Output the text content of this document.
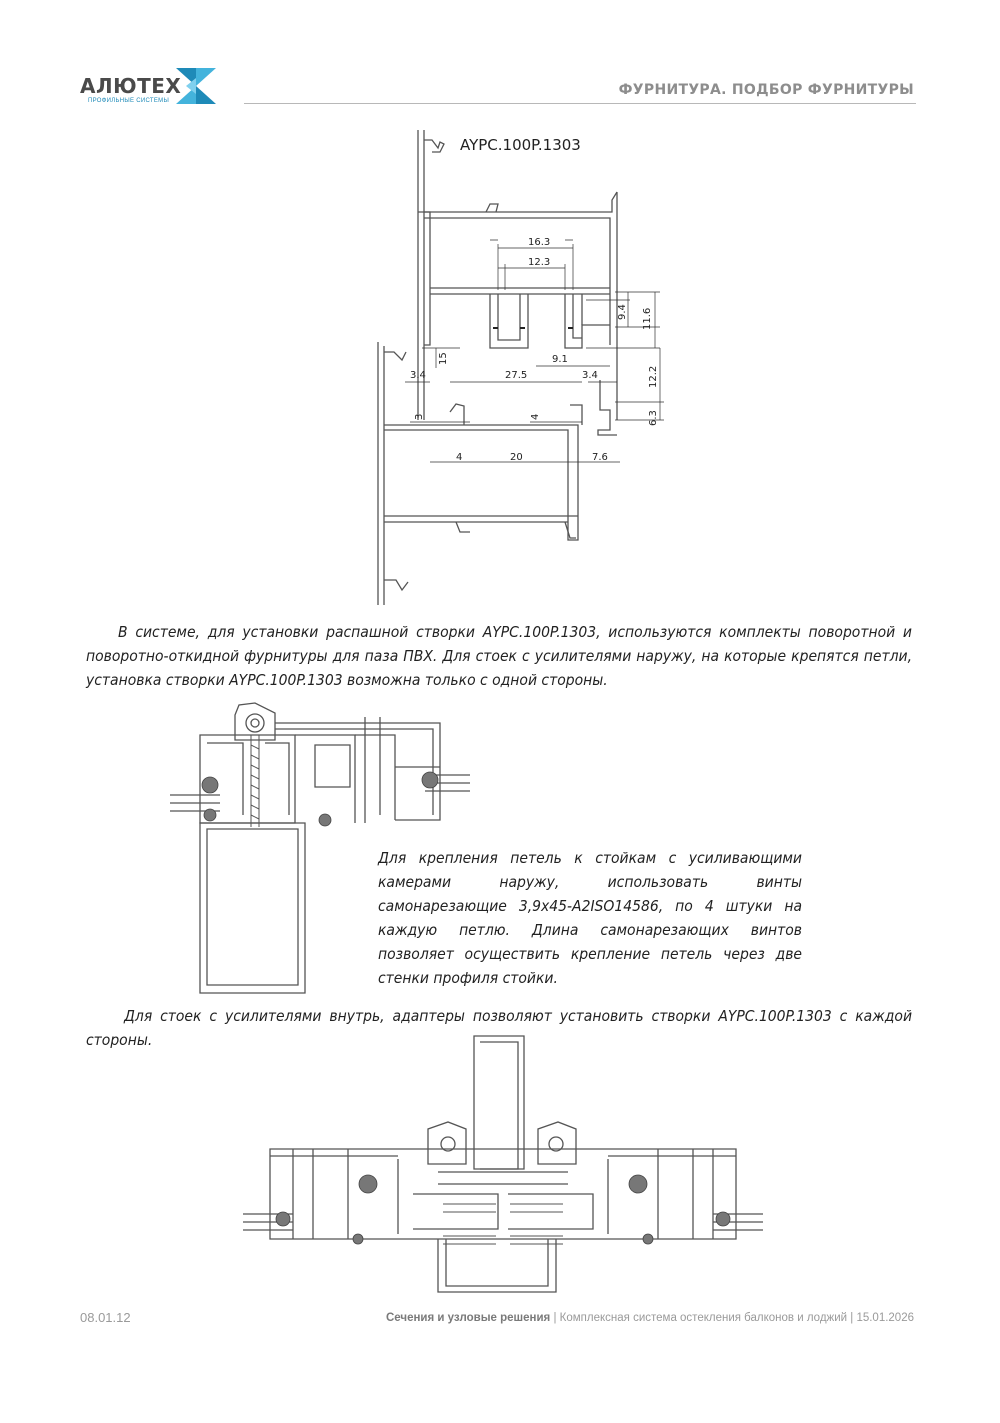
АЛЮТЕХ
ПРОФИЛЬНЫЕ СИСТЕМЫ
ФУРНИТУРА. ПОДБОР ФУРНИТУРЫ
AYPC.100P.1303
16.3
12.3
9.4 11.6
15	9.1
3.4	27.5	3.4	12.2
3	4	6.3
4	20	7.6
В системе, для установки распашной створки AYPC.100P.1303, используются комплекты поворотной и поворотно-откидной фурнитуры для паза ПВХ. Для стоек с усилителями наружу, на которые крепятся петли, установка створки AYPC.100P.1303 возможна только с одной стороны.
Для крепления петель к стойкам с усиливающими камерами наружу, использовать винты самонарезающие 3,9x45-A2ISO14586, по 4 штуки на каждую петлю. Длина самонарезающих винтов позволяет осуществить крепление петель через две стенки профиля стойки.
Для стоек с усилителями внутрь, адаптеры позволяют установить створки AYPC.100P.1303 с каждой стороны.
08.01.12	Сечения и узловые решения | Комплексная система остекления балконов и лоджий | 15.01.2026
